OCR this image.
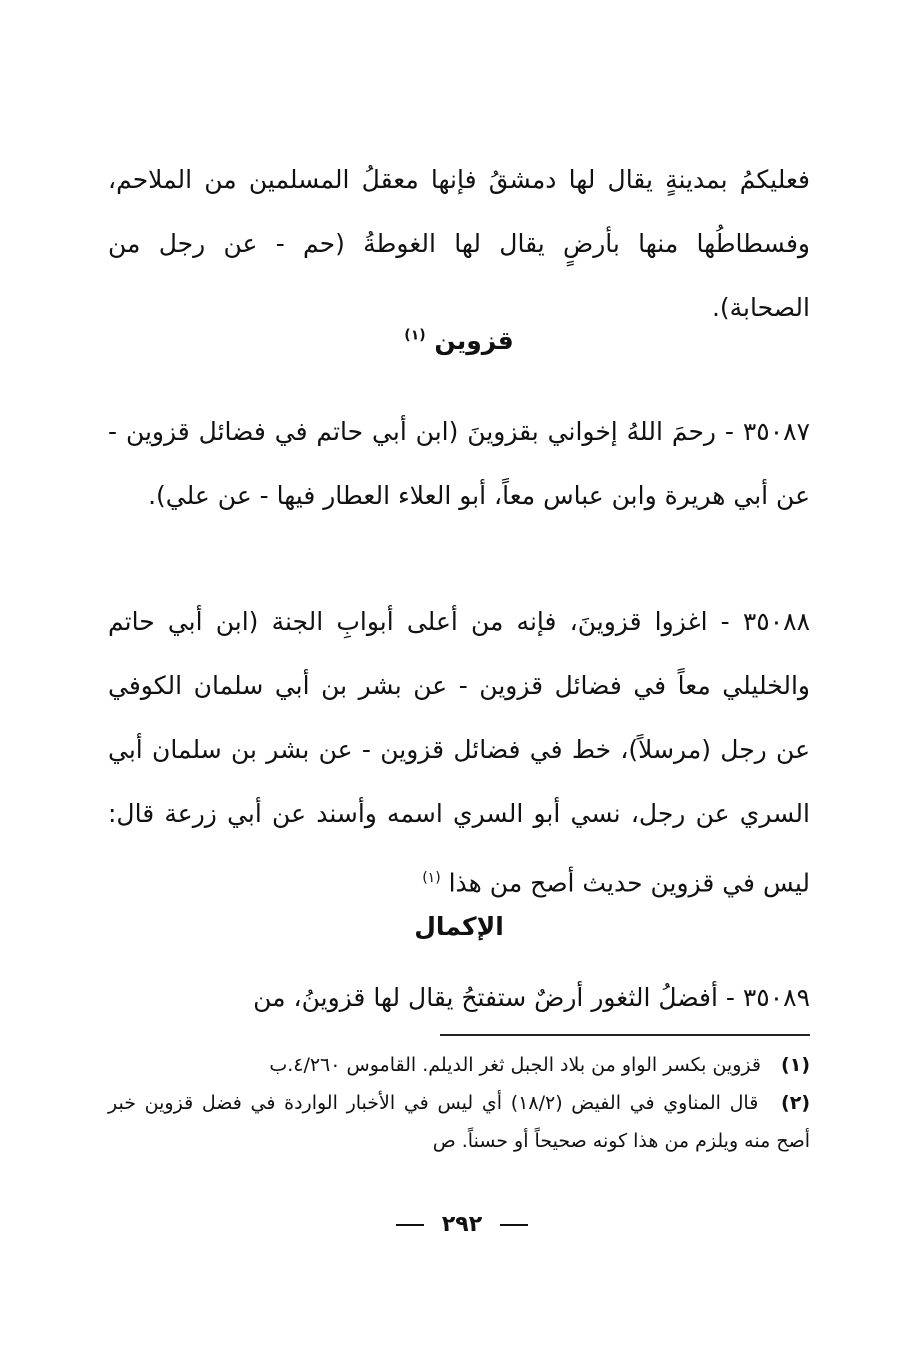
فعليكمُ بمدينةٍ يقال لها دمشقُ فإنها معقلُ المسلمين من الملاحم، وفسطاطُها منها بأرضٍ يقال لها الغوطةُ (حم - عن رجل من الصحابة).
قزوين $^{(١)}$
٣٥٠٨٧ - رحمَ اللهُ إخواني بقزوينَ (ابن أبي حاتم في فضائل قزوين - عن أبي هريرة وابن عباس معاً، أبو العلاء العطار فيها - عن علي).
٣٥٠٨٨ - اغزوا قزوينَ، فإنه من أعلى أبوابِ الجنة (ابن أبي حاتم والخليلي معاً في فضائل قزوين - عن بشر بن أبي سلمان الكوفي عن رجل (مرسلاً)، خط في فضائل قزوين - عن بشر بن سلمان أبي السري عن رجل، نسي أبو السري اسمه وأسند عن أبي زرعة قال: ليس في قزوين حديث أصح من هذا $^{(١)}$
الإكمال
٣٥٠٨٩ - أفضلُ الثغور أرضٌ ستفتحُ يقال لها قزوينُ، من
(١) قزوين بكسر الواو من بلاد الجبل ثغر الديلم. القاموس ٤/٢٦٠.ب
(٢) قال المناوي في الفيض (١٨/٢) أي ليس في الأخبار الواردة في فضل قزوين خبر أصح منه ويلزم من هذا كونه صحيحاً أو حسناً. ص
٢٩٢
